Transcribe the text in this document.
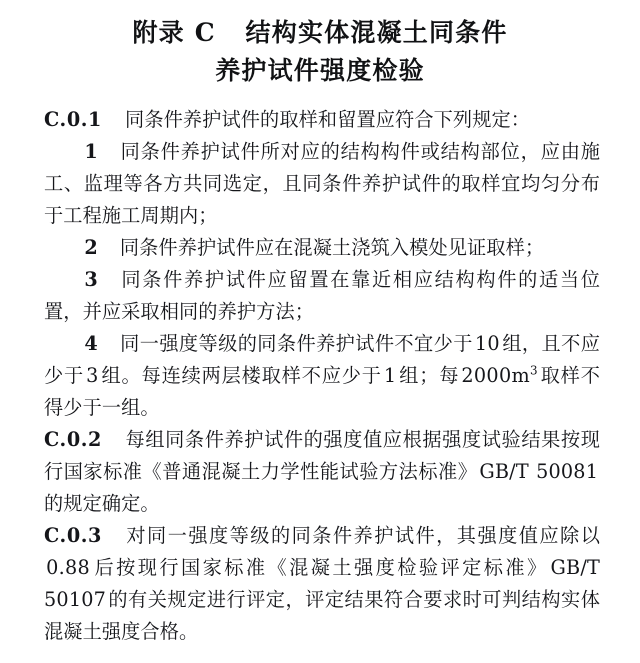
附录 C   结构实体混凝土同条件
养护试件强度检验

C.0.1 同条件养护试件的取样和留置应符合下列规定：

1 同条件养护试件所对应的结构构件或结构部位，应由施工、监理等各方共同选定，且同条件养护试件的取样宜均匀分布于工程施工周期内；

2 同条件养护试件应在混凝土浇筑入模处见证取样；

3 同条件养护试件应留置在靠近相应结构构件的适当位置，并应采取相同的养护方法；

4 同一强度等级的同条件养护试件不宜少于 10 组，且不应少于 3 组。每连续两层楼取样不应少于 1 组；每 $2000m^3$ 取样不得少于一组。

C.0.2 每组同条件养护试件的强度值应根据强度试验结果按现行国家标准《普通混凝土力学性能试验方法标准》GB/T 50081的规定确定。

C.0.3 对同一强度等级的同条件养护试件，其强度值应除以0.88 后按现行国家标准《混凝土强度检验评定标准》GB/T 50107的有关规定进行评定，评定结果符合要求时可判结构实体混凝土强度合格。
